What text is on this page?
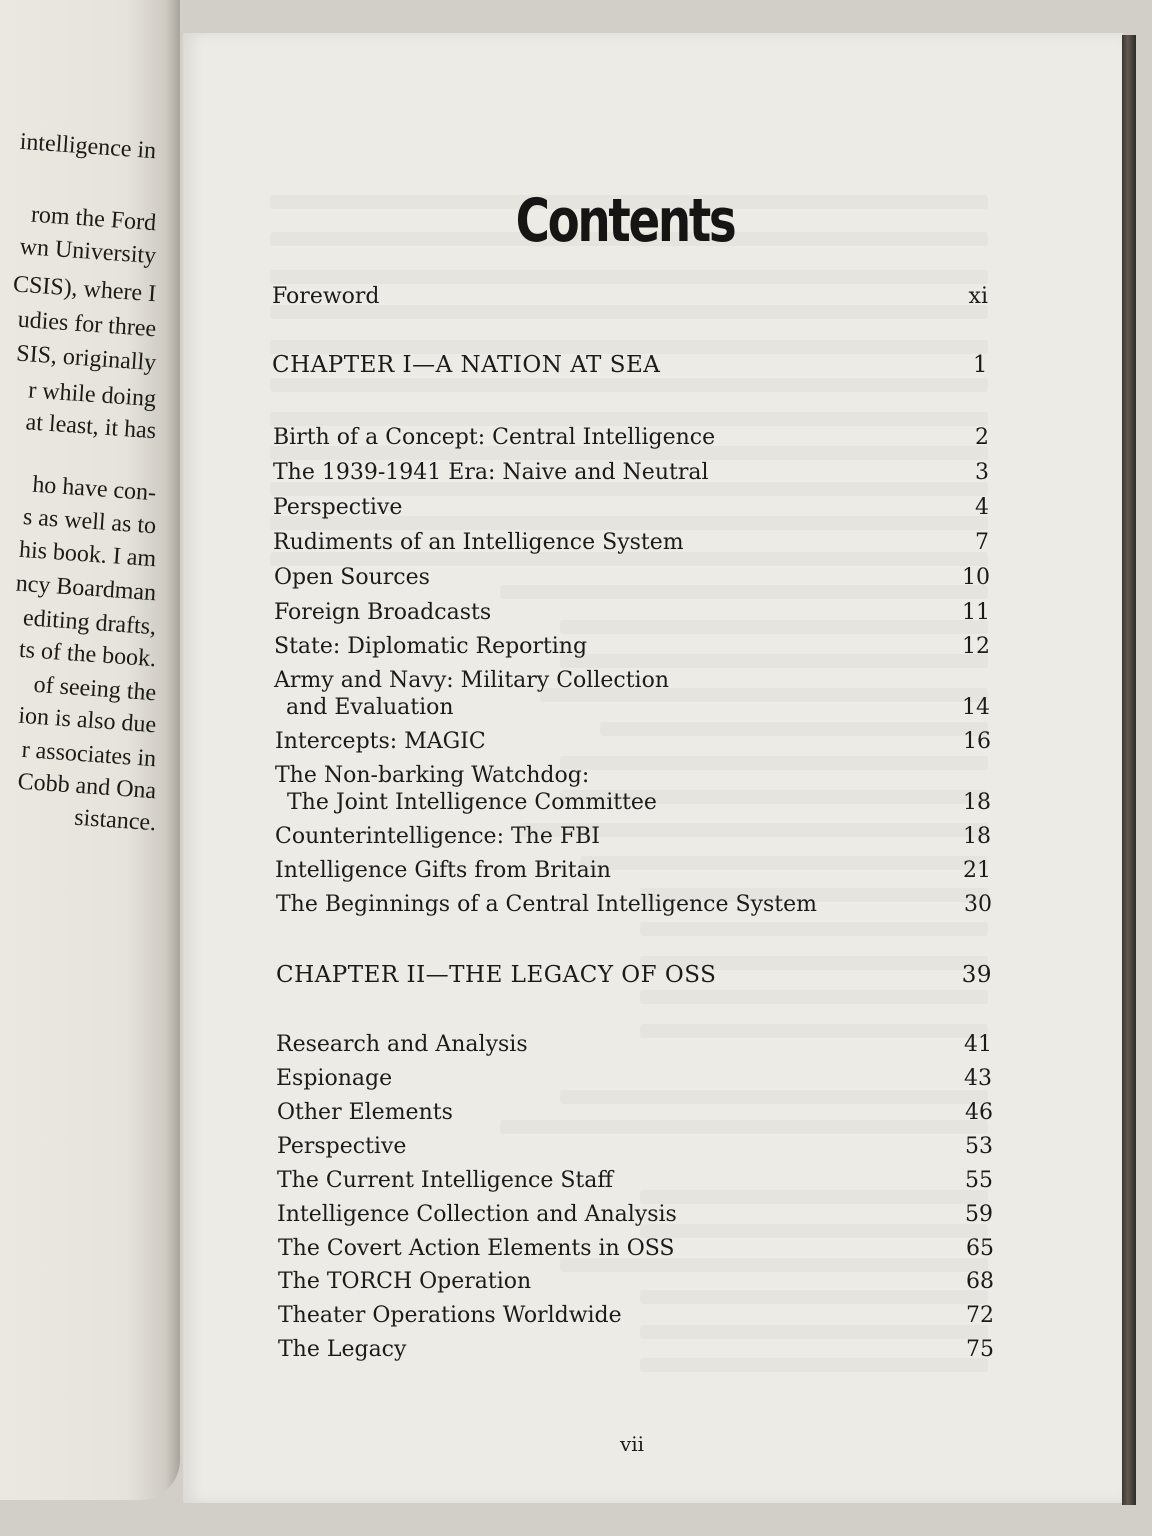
intelligence in
rom the Ford
wn University
CSIS), where I
udies for three
SIS, originally
r while doing
at least, it has
ho have con-
s as well as to
his book. I am
ncy Boardman
editing drafts,
ts of the book.
of seeing the
ion is also due
r associates in
Cobb and Ona
sistance.
Contents
Foreword	xi
CHAPTER I—A NATION AT SEA	1
Birth of a Concept: Central Intelligence	2
The 1939-1941 Era: Naive and Neutral	3
Perspective	4
Rudiments of an Intelligence System	7
Open Sources	10
Foreign Broadcasts	11
State: Diplomatic Reporting	12
Army and Navy: Military Collection
and Evaluation	14
Intercepts: MAGIC	16
The Non-barking Watchdog:
The Joint Intelligence Committee	18
Counterintelligence: The FBI	18
Intelligence Gifts from Britain	21
The Beginnings of a Central Intelligence System	30
CHAPTER II—THE LEGACY OF OSS	39
Research and Analysis	41
Espionage	43
Other Elements	46
Perspective	53
The Current Intelligence Staff	55
Intelligence Collection and Analysis	59
The Covert Action Elements in OSS	65
The TORCH Operation	68
Theater Operations Worldwide	72
The Legacy	75
vii
